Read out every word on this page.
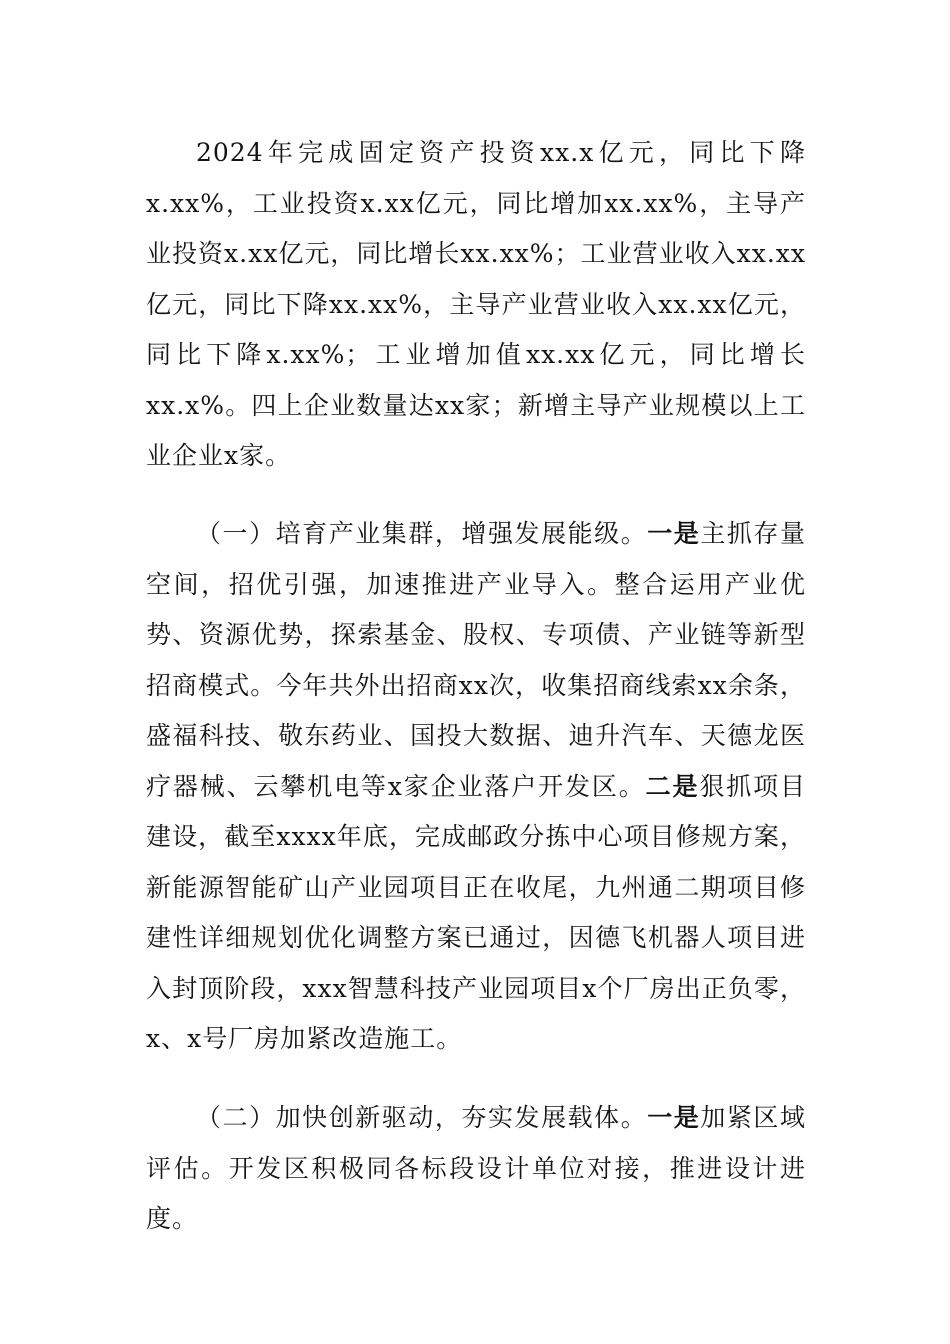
2024年完成固定资产投资xx.x亿元，同比下降x.xx%，工业投资x.xx亿元，同比增加xx.xx%，主导产业投资x.xx亿元，同比增长xx.xx%；工业营业收入xx.xx亿元，同比下降xx.xx%，主导产业营业收入xx.xx亿元，同比下降x.xx%；工业增加值xx.xx亿元，同比增长xx.x%。四上企业数量达xx家；新增主导产业规模以上工业企业x家。

（一）培育产业集群，增强发展能级。一是主抓存量空间，招优引强，加速推进产业导入。整合运用产业优势、资源优势，探索基金、股权、专项债、产业链等新型招商模式。今年共外出招商xx次，收集招商线索xx余条，盛福科技、敬东药业、国投大数据、迪升汽车、天德龙医疗器械、云攀机电等x家企业落户开发区。二是狠抓项目建设，截至xxxx年底，完成邮政分拣中心项目修规方案，新能源智能矿山产业园项目正在收尾，九州通二期项目修建性详细规划优化调整方案已通过，因德飞机器人项目进入封顶阶段，xxx智慧科技产业园项目x个厂房出正负零，x、x号厂房加紧改造施工。

（二）加快创新驱动，夯实发展载体。一是加紧区域评估。开发区积极同各标段设计单位对接，推进设计进度。
